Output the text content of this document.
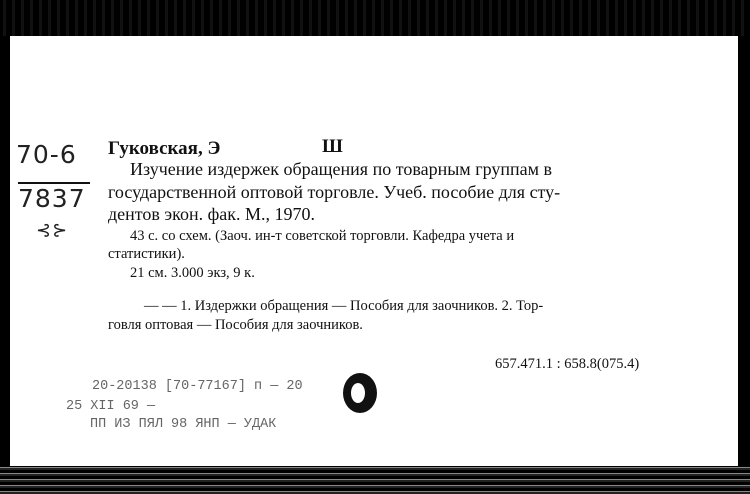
70-6
7837
⊰⊱
Гуковская, Э	Ш
Изучение издержек обращения по товарным группам в
государственной оптовой торговле. Учеб. пособие для сту-
дентов экон. фак. М., 1970.
43 с. со схем. (Заоч. ин-т советской торговли. Кафедра учета и
статистики).
21 см. 3.000 экз, 9 к.
— — 1. Издержки обращения — Пособия для заочников. 2. Тор-
говля оптовая — Пособия для заочников.
657.471.1 : 658.8(075.4)
20-20138 [70-77167] п — 20
25 XII 69 —
ПП ИЗ ПЯЛ 98 ЯНП — УДАК
